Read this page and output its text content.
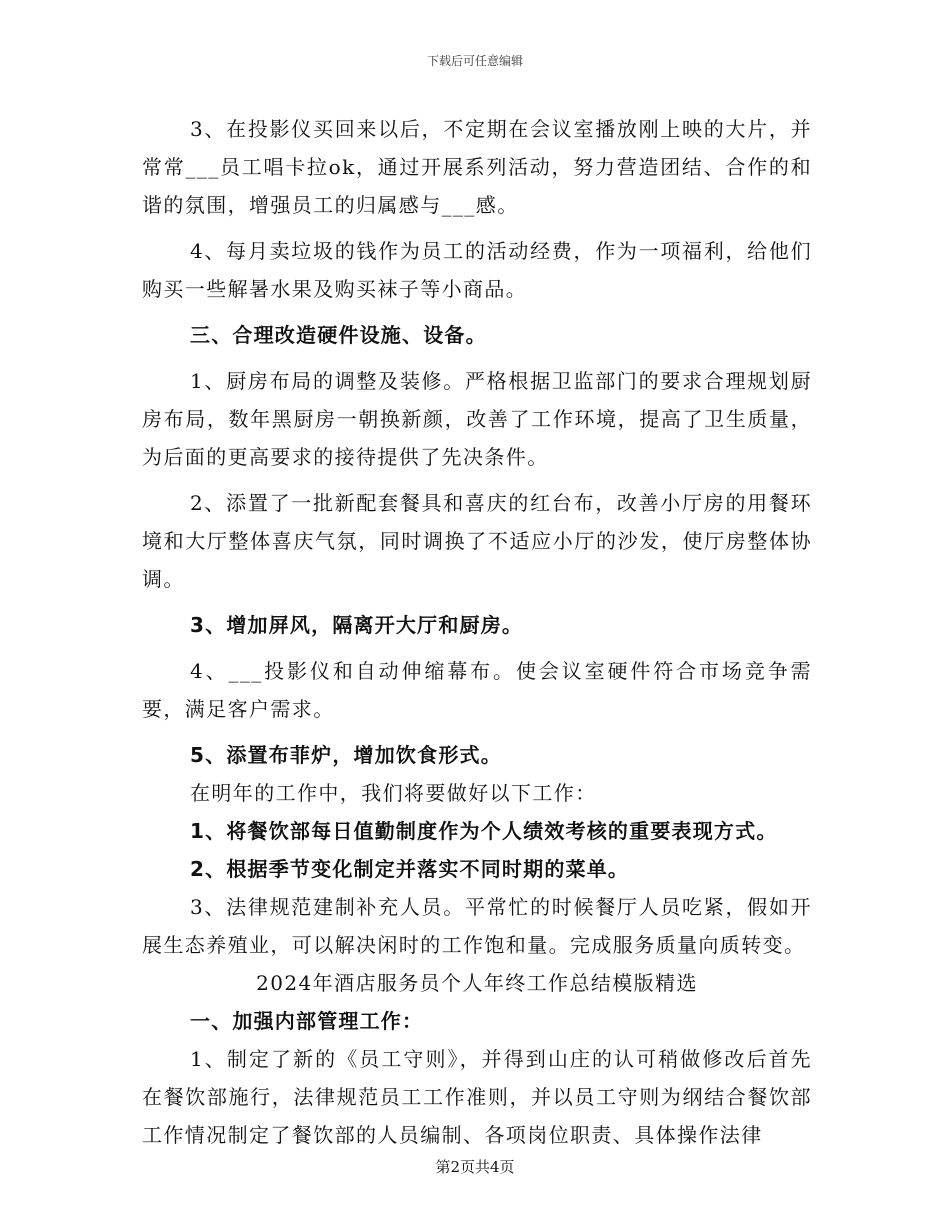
下载后可任意编辑

3、在投影仪买回来以后，不定期在会议室播放刚上映的大片，并常常___员工唱卡拉ok，通过开展系列活动，努力营造团结、合作的和谐的氛围，增强员工的归属感与___感。

4、每月卖垃圾的钱作为员工的活动经费，作为一项福利，给他们购买一些解暑水果及购买袜子等小商品。

三、合理改造硬件设施、设备。

1、厨房布局的调整及装修。严格根据卫监部门的要求合理规划厨房布局，数年黑厨房一朝换新颜，改善了工作环境，提高了卫生质量，为后面的更高要求的接待提供了先决条件。

2、添置了一批新配套餐具和喜庆的红台布，改善小厅房的用餐环境和大厅整体喜庆气氛，同时调换了不适应小厅的沙发，使厅房整体协调。

3、增加屏风，隔离开大厅和厨房。

4、___投影仪和自动伸缩幕布。使会议室硬件符合市场竞争需要，满足客户需求。

5、添置布菲炉，增加饮食形式。

在明年的工作中，我们将要做好以下工作：

1、将餐饮部每日值勤制度作为个人绩效考核的重要表现方式。

2、根据季节变化制定并落实不同时期的菜单。

3、法律规范建制补充人员。平常忙的时候餐厅人员吃紧，假如开展生态养殖业，可以解决闲时的工作饱和量。完成服务质量向质转变。

2024年酒店服务员个人年终工作总结模版精选

一、加强内部管理工作：

1、制定了新的《员工守则》，并得到山庄的认可稍做修改后首先在餐饮部施行，法律规范员工工作准则，并以员工守则为纲结合餐饮部工作情况制定了餐饮部的人员编制、各项岗位职责、具体操作法律

第2页共4页
